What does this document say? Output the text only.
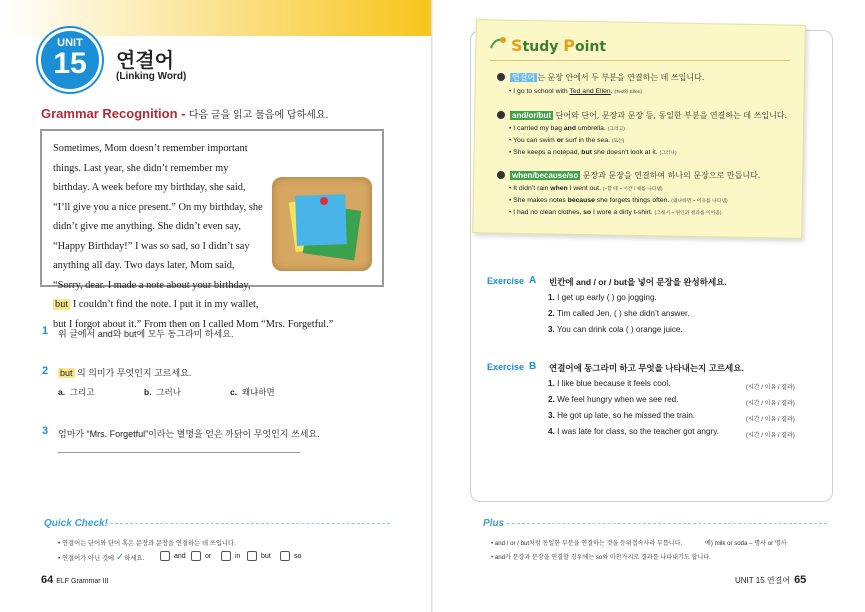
UNIT
15	연결어
(Linking Word)
Grammar Recognition - 다음 글을 읽고 물음에 답하세요.
Sometimes, Mom doesn’t remember important things. Last year, she didn’t remember my birthday. A week before my birthday, she said, “I’ll give you a nice present.” On my birthday, she didn’t give me anything. She didn’t even say, “Happy Birthday!” I was so sad, so I didn’t say anything all day. Two days later, Mom said, “Sorry, dear. I made a note about your birthday, but I couldn’t find the note. I put it in my wallet, but I forgot about it.” From then on I called Mom “Mrs. Forgetful.”
1 위 글에서 and와 but에 모두 동그라미 하세요.
2 but 의 의미가 무엇인지 고르세요.
a. 그리고	b. 그러나	c. 왜냐하면
3 엄마가 “Mrs. Forgetful”이라는 별명을 얻은 까닭이 무엇인지 쓰세요.
Quick Check!
• 연결어는 단어와 단어 혹은 문장과 문장을 연결하는 데 쓰입니다.
• 연결어가 아닌 것에 ✓하세요.	and	or	in	but	so
64 ELF Grammar III
Study Point
연결어 는 문장 안에서 두 부분을 연결하는 데 쓰입니다.
• I go to school with Ted and Ellen. (Ted와 Ellen)
and/or/but 단어와 단어, 문장과 문장 등, 동일한 부분을 연결하는 데 쓰입니다.
• I carried my bag and umbrella. (그리고)
• You can swim or surf in the sea. (또는)
• She keeps a notepad, but she doesn’t look at it. (그러나)
when/because/so 문장과 문장을 연결하여 하나의 문장으로 만듭니다.
• It didn’t rain when I went out. (~할 때 ~ 시간 / 때를 나타냄)
• She makes notes because she forgets things often. (왜냐하면 ~ 이유를 나타냄)
• I had no clean clothes, so I wore a dirty t-shirt. (그래서 ~ 원인과 결과를 이어줌)
Exercise A 빈칸에 and / or / but을 넣어 문장을 완성하세요.
1. I get up early ( ) go jogging.
2. Tim called Jen, ( ) she didn’t answer.
3. You can drink cola ( ) orange juice.
Exercise B 연결어에 동그라미 하고 무엇을 나타내는지 고르세요.
1. I like blue because it feels cool.	(시간 / 이유 / 결과)
2. We feel hungry when we see red.	(시간 / 이유 / 결과)
3. He got up late, so he missed the train.	(시간 / 이유 / 결과)
4. I was late for class, so the teacher got angry.	(시간 / 이유 / 결과)
Plus
• and / or / but처럼 동일한 부분을 연결하는 것을 등위접속사라 부릅니다.	예) milk or soda – 명사 or 명사
• and가 문장과 문장을 연결할 경우에는 so와 마찬가지로 결과를 나타내기도 합니다.
UNIT 15 연결어 65
